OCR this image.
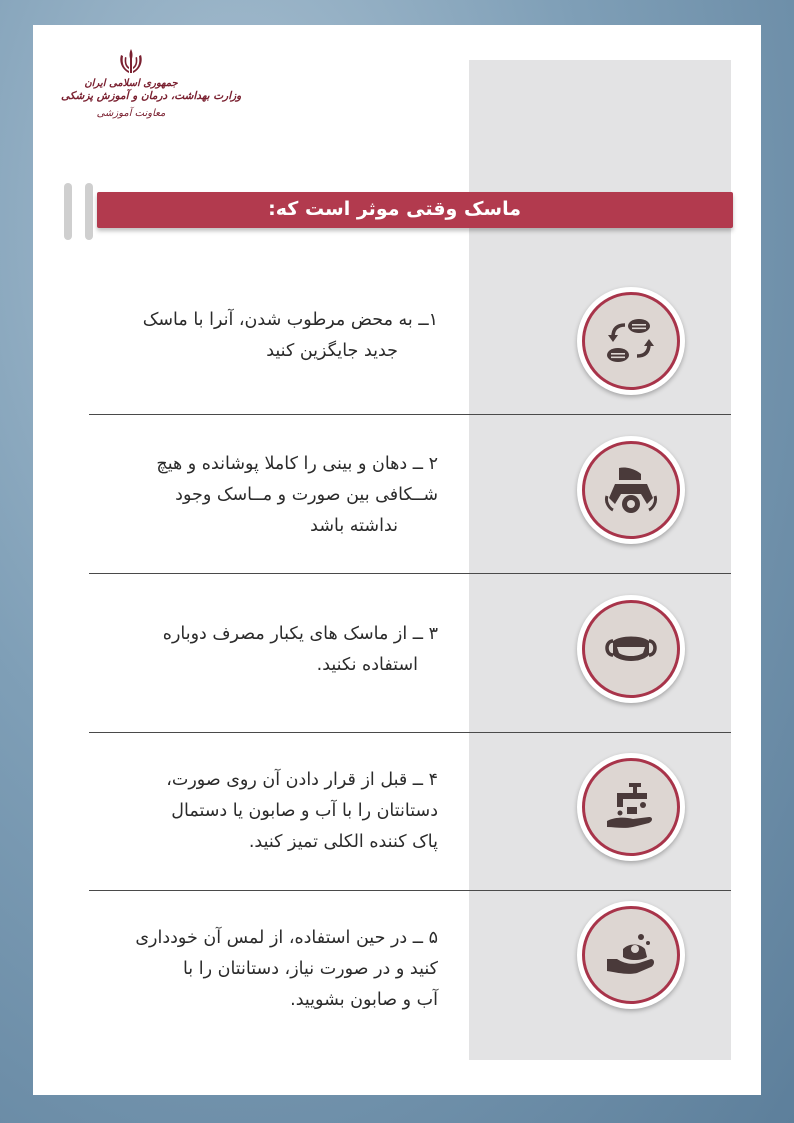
جمهوری اسلامی ایران
وزارت بهداشت، درمان و آموزش پزشکی
معاونت آموزشی
ماسک وقتی موثر است که:
۱ــ به محض مرطوب شدن، آنرا با ماسک
جدید جایگزین کنید
۲ ــ دهان و بینی را کاملا پوشانده و هیچ
شــکافی بین صورت و مــاسک وجود
نداشته باشد
۳ ــ از ماسک های یکبار مصرف دوباره
استفاده نکنید.
۴ ــ قبل از قرار دادن آن روی صورت،
دستانتان را با آب و صابون یا دستمال
پاک کننده الکلی تمیز کنید.
۵ ــ در حین استفاده، از لمس آن خودداری
کنید و در صورت نیاز، دستانتان را با
آب و صابون بشویید.
